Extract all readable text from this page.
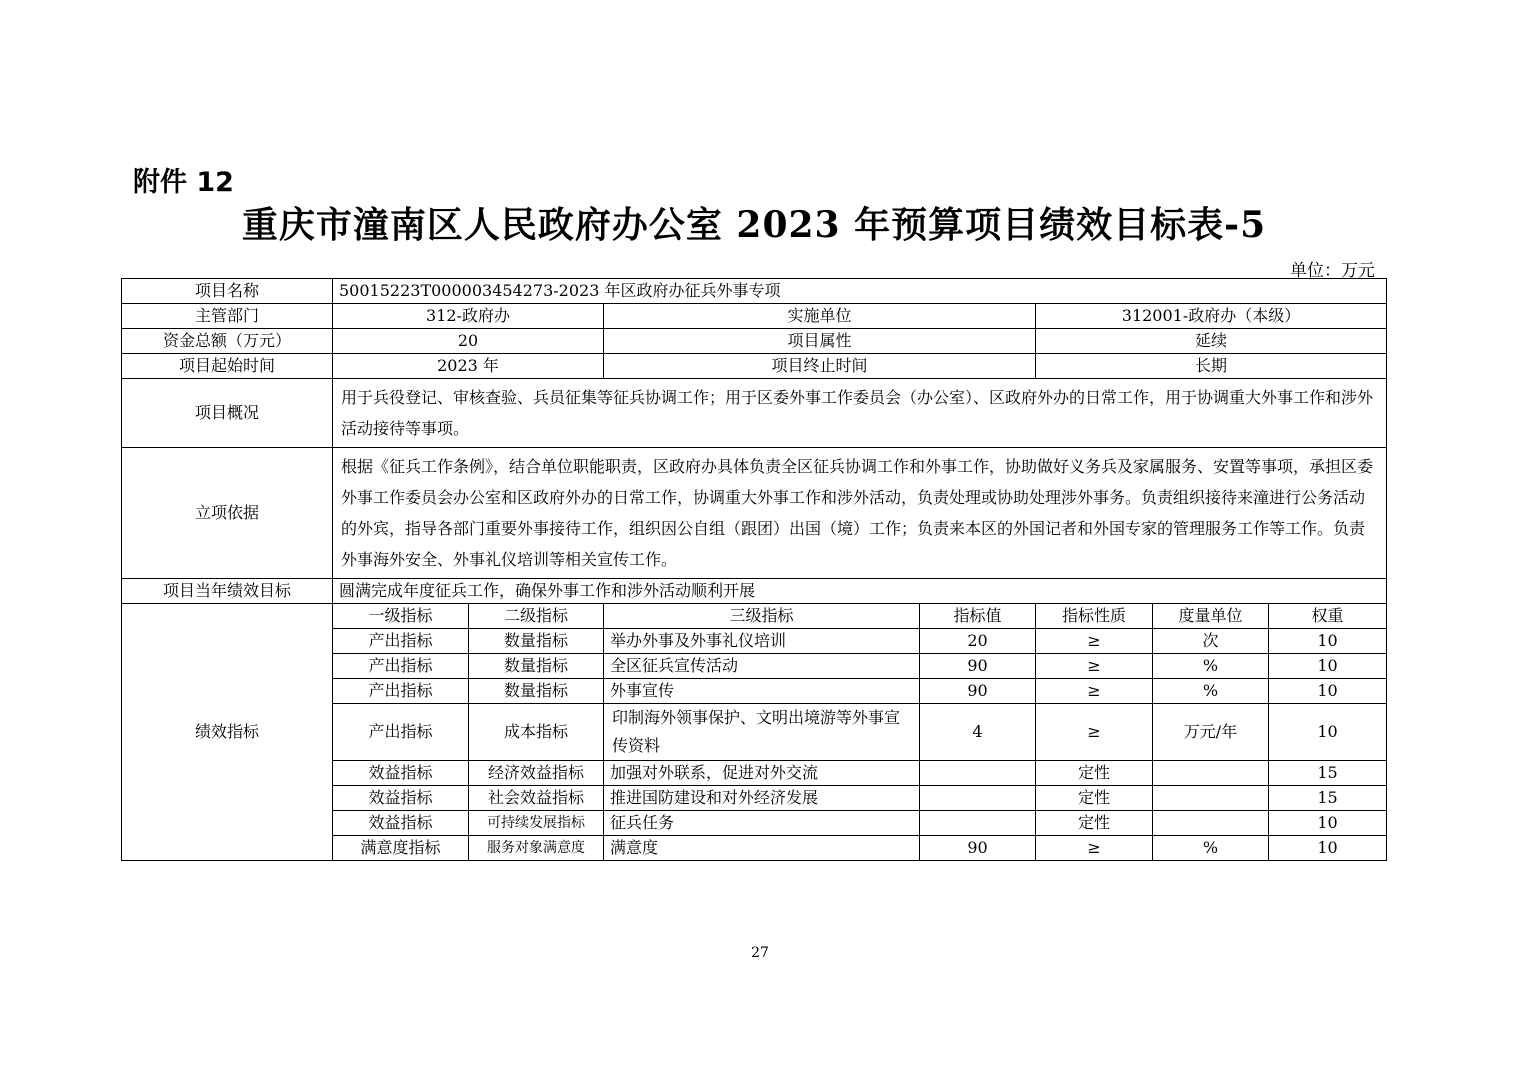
附件 12
重庆市潼南区人民政府办公室 2023 年预算项目绩效目标表-5
单位：万元
项目名称	50015223T000003454273-2023 年区政府办征兵外事专项						
主管部门	312-政府办		实施单位		312001-政府办（本级）		
资金总额（万元）	20		项目属性		延续		
项目起始时间	2023 年		项目终止时间		长期		
项目概况	用于兵役登记、审核查验、兵员征集等征兵协调工作；用于区委外事工作委员会（办公室）、区政府外办的日常工作，用于协调重大外事工作和涉外活动接待等事项。						
立项依据	根据《征兵工作条例》，结合单位职能职责，区政府办具体负责全区征兵协调工作和外事工作，协助做好义务兵及家属服务、安置等事项，承担区委外事工作委员会办公室和区政府外办的日常工作，协调重大外事工作和涉外活动，负责处理或协助处理涉外事务。负责组织接待来潼进行公务活动的外宾，指导各部门重要外事接待工作，组织因公自组（跟团）出国（境）工作；负责来本区的外国记者和外国专家的管理服务工作等工作。负责外事海外安全、外事礼仪培训等相关宣传工作。						
项目当年绩效目标	圆满完成年度征兵工作，确保外事工作和涉外活动顺利开展						
绩效指标	一级指标	二级指标	三级指标	指标值	指标性质	度量单位	权重
	产出指标	数量指标	举办外事及外事礼仪培训	20	≥	次	10
	产出指标	数量指标	全区征兵宣传活动	90	≥	%	10
	产出指标	数量指标	外事宣传	90	≥	%	10
	产出指标	成本指标	印制海外领事保护、文明出境游等外事宣传资料	4	≥	万元/年	10
	效益指标	经济效益指标	加强对外联系，促进对外交流		定性		15
	效益指标	社会效益指标	推进国防建设和对外经济发展		定性		15
	效益指标	可持续发展指标	征兵任务		定性		10
	满意度指标	服务对象满意度	满意度	90	≥	%	10
27
